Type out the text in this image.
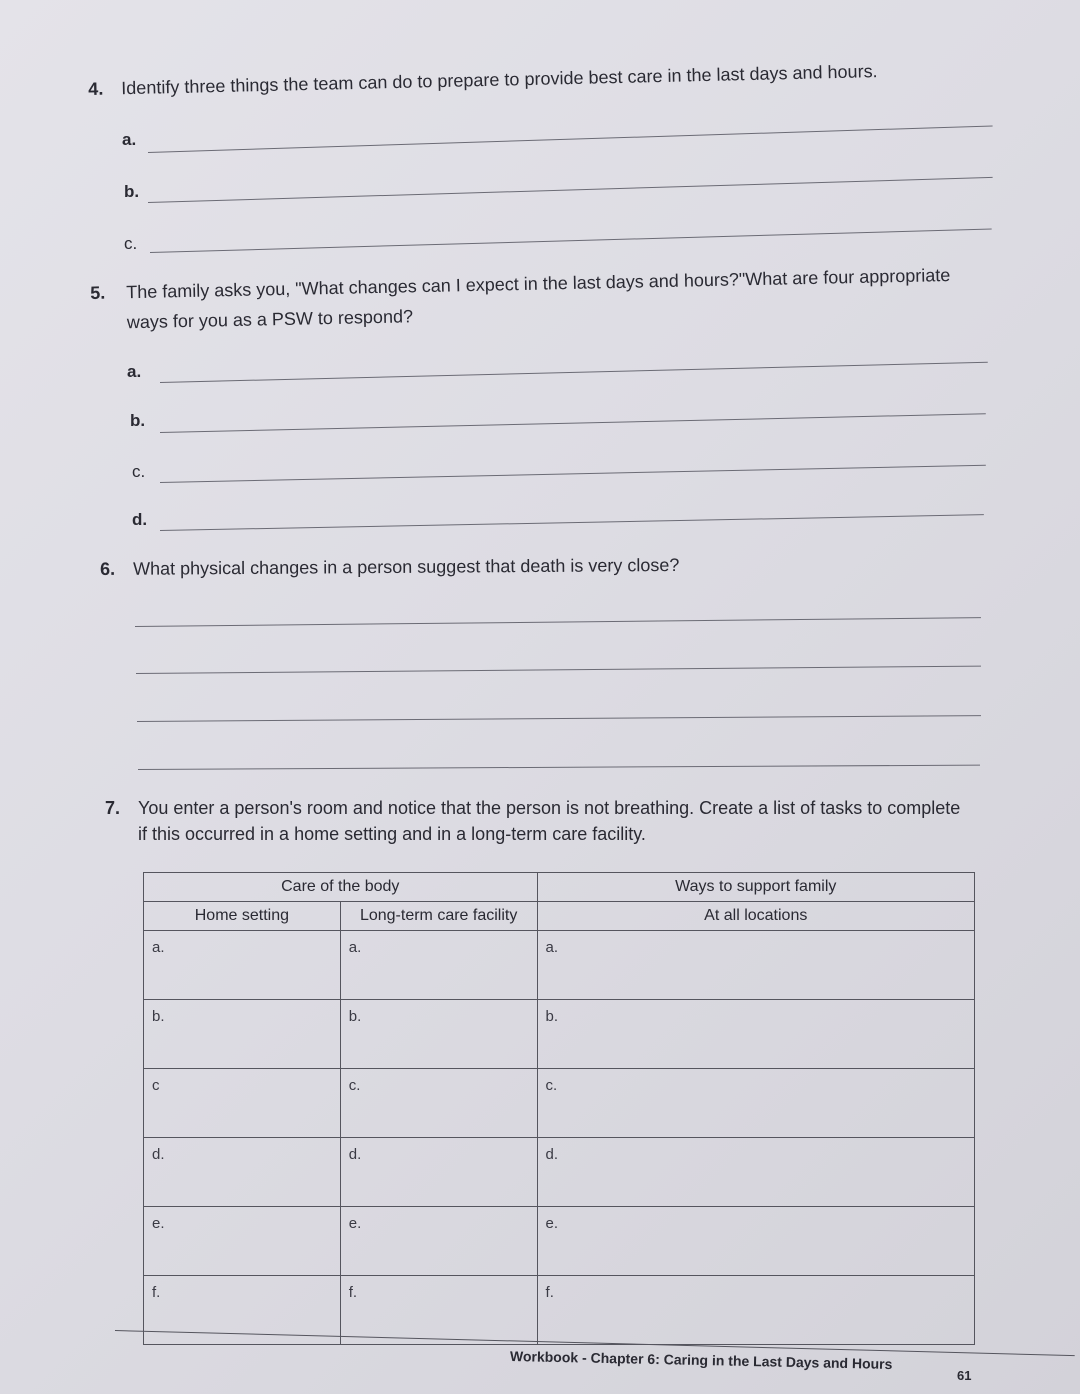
4. Identify three things the team can do to prepare to provide best care in the last days and hours.
a.
b.
c.
5. The family asks you, "What changes can I expect in the last days and hours?"What are four appropriate
ways for you as a PSW to respond?
a.
b.
c.
d.
6. What physical changes in a person suggest that death is very close?
7. You enter a person's room and notice that the person is not breathing. Create a list of tasks to complete
if this occurred in a home setting and in a long-term care facility.
Care of the body		Ways to support family
Home setting	Long-term care facility	At all locations
a.	a.	a.
b.	b.	b.
c	c.	c.
d.	d.	d.
e.	e.	e.
f.	f.	f.
Workbook - Chapter 6: Caring in the Last Days and Hours
61
